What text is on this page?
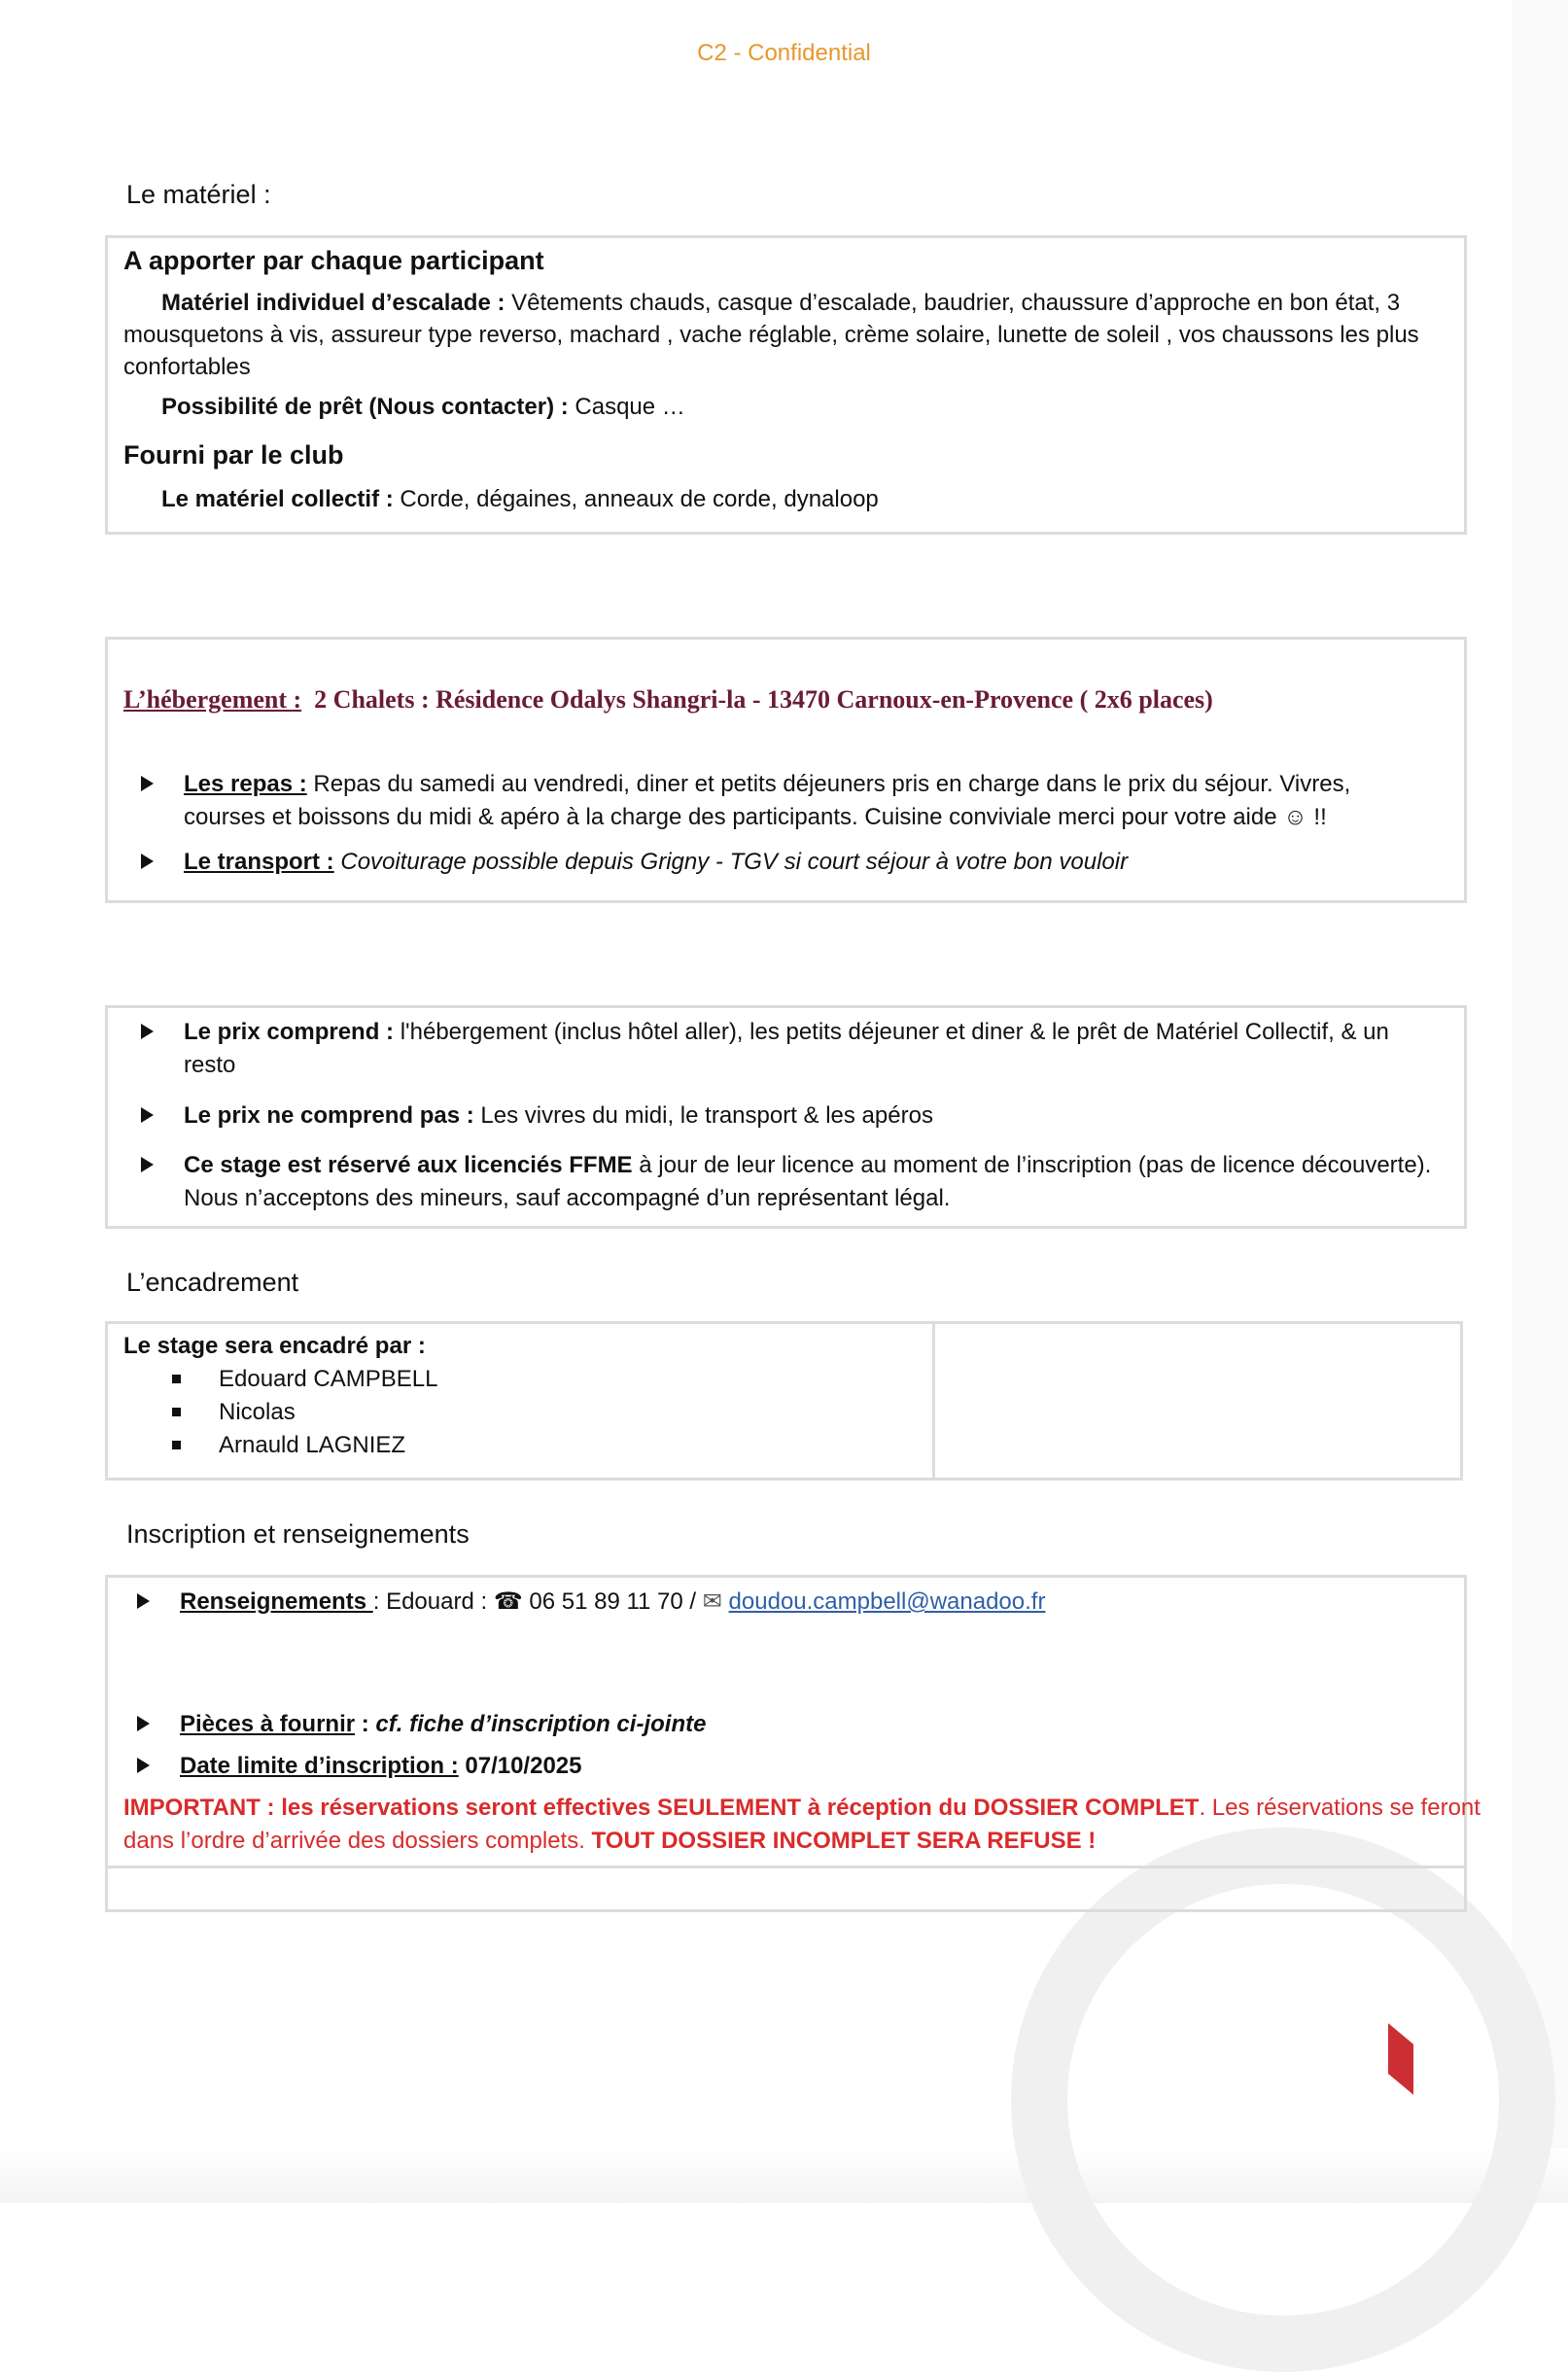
C2 - Confidential
Le matériel :
A apporter par chaque participant
Matériel individuel d’escalade : Vêtements chauds, casque d’escalade, baudrier, chaussure d’approche en bon état, 3
mousquetons à vis, assureur type reverso, machard , vache réglable, crème solaire, lunette de soleil , vos chaussons les plus
confortables
Possibilité de prêt (Nous contacter) : Casque …
Fourni par le club
Le matériel collectif : Corde, dégaines, anneaux de corde, dynaloop
L’hébergement : 2 Chalets : Résidence Odalys Shangri-la - 13470 Carnoux-en-Provence ( 2x6 places)
Les repas : Repas du samedi au vendredi, diner et petits déjeuners pris en charge dans le prix du séjour. Vivres,
courses et boissons du midi & apéro à la charge des participants. Cuisine conviviale merci pour votre aide ☺ !!
Le transport : Covoiturage possible depuis Grigny - TGV si court séjour à votre bon vouloir
Le prix comprend : l'hébergement (inclus hôtel aller), les petits déjeuner et diner & le prêt de Matériel Collectif, & un
resto
Le prix ne comprend pas : Les vivres du midi, le transport & les apéros
Ce stage est réservé aux licenciés FFME à jour de leur licence au moment de l’inscription (pas de licence découverte).
Nous n’acceptons des mineurs, sauf accompagné d’un représentant légal.
L’encadrement
Le stage sera encadré par :
Edouard CAMPBELL
Nicolas
Arnauld LAGNIEZ
Inscription et renseignements
Renseignements : Edouard : ☎ 06 51 89 11 70 / ✉ doudou.campbell@wanadoo.fr
Pièces à fournir : cf. fiche d’inscription ci-jointe
Date limite d’inscription : 07/10/2025
IMPORTANT : les réservations seront effectives SEULEMENT à réception du DOSSIER COMPLET. Les réservations se feront
dans l’ordre d’arrivée des dossiers complets. TOUT DOSSIER INCOMPLET SERA REFUSE !
